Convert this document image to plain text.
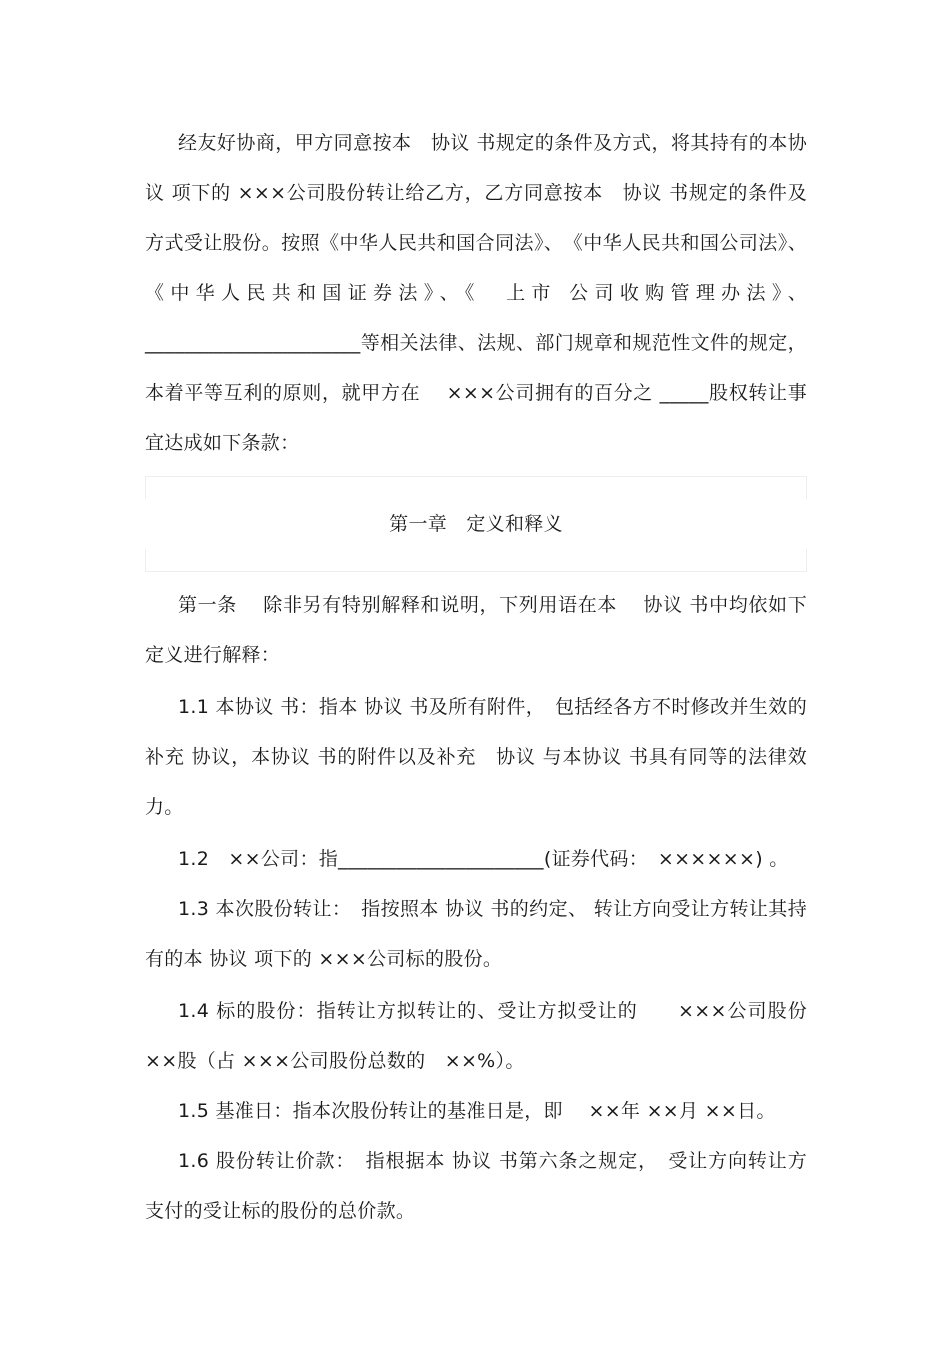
经友好协商，甲方同意按本　协议 书规定的条件及方式，将其持有的本协议 项下的 ×××公司股份转让给乙方，乙方同意按本　协议 书规定的条件及方式受让股份。按照《中华人民共和国合同法》、　《中华人民共和国公司法》、《中华人民共和国证券法》、《　上市 公司收购管理办法》、______________________等相关法律、法规、部门规章和规范性文件的规定，本着平等互利的原则，就甲方在　 ×××公司拥有的百分之 _____股权转让事宜达成如下条款：

第一章　定义和释义

第一条　 除非另有特别解释和说明，下列用语在本　 协议 书中均依如下定义进行解释：

1.1 本协议 书：指本 协议 书及所有附件，　包括经各方不时修改并生效的补充 协议，本协议 书的附件以及补充　协议 与本协议 书具有同等的法律效力。

1.2　××公司：指_____________________(证券代码：　××××××) 。

1.3 本次股份转让：　指按照本 协议 书的约定、 转让方向受让方转让其持有的本 协议 项下的 ×××公司标的股份。

1.4 标的股份：指转让方拟转让的、受让方拟受让的　　×××公司股份 ××股（占 ×××公司股份总数的　××%）。

1.5 基准日：指本次股份转让的基准日是，即　 ××年 ××月 ××日。

1.6 股份转让价款：　指根据本 协议 书第六条之规定，　受让方向转让方支付的受让标的股份的总价款。
